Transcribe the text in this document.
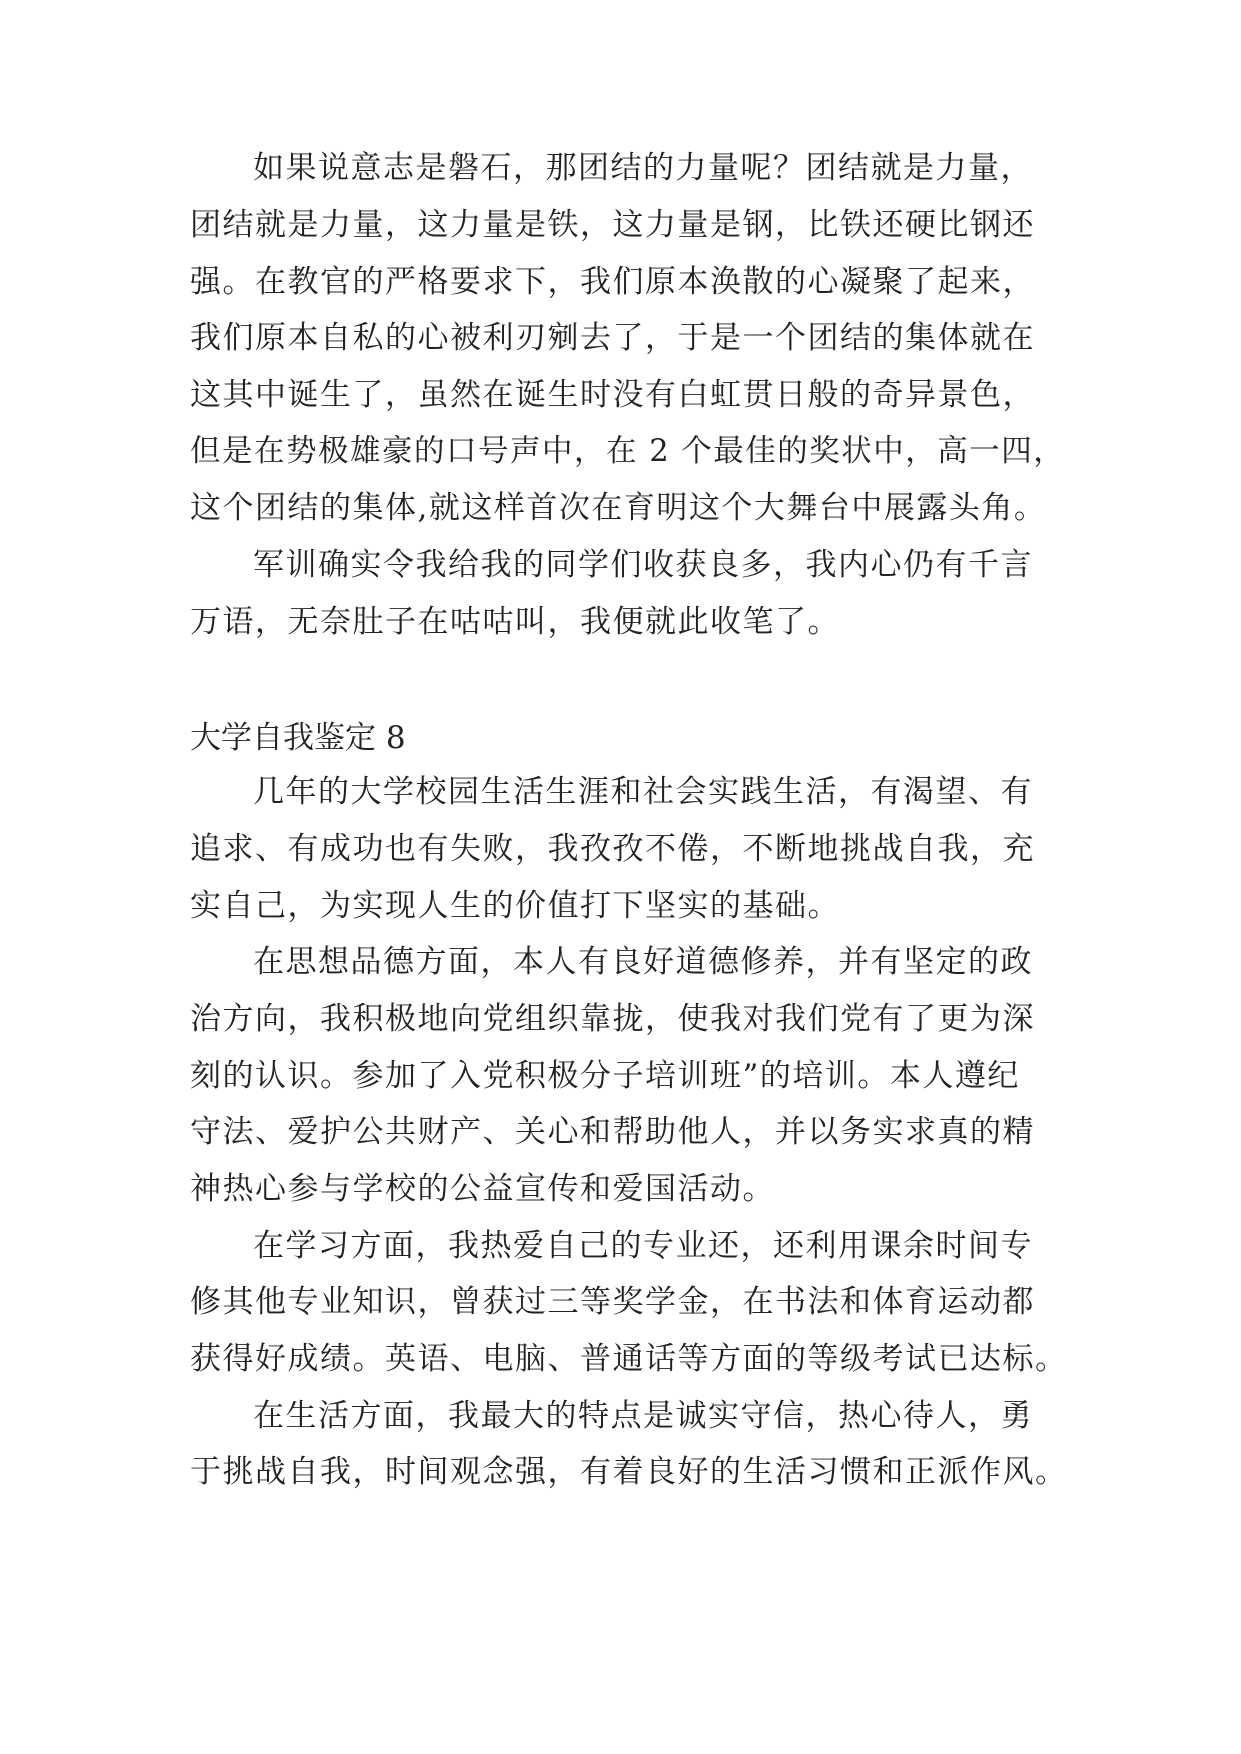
如果说意志是磐石，那团结的力量呢？团结就是力量，
团结就是力量，这力量是铁，这力量是钢，比铁还硬比钢还
强。在教官的严格要求下，我们原本涣散的心凝聚了起来，
我们原本自私的心被利刃剜去了，于是一个团结的集体就在
这其中诞生了，虽然在诞生时没有白虹贯日般的奇异景色，
但是在势极雄豪的口号声中，在 2 个最佳的奖状中，高一四，
这个团结的集体,就这样首次在育明这个大舞台中展露头角。
军训确实令我给我的同学们收获良多，我内心仍有千言
万语，无奈肚子在咕咕叫，我便就此收笔了。
大学自我鉴定 8
几年的大学校园生活生涯和社会实践生活，有渴望、有
追求、有成功也有失败，我孜孜不倦，不断地挑战自我，充
实自己，为实现人生的价值打下坚实的基础。
在思想品德方面，本人有良好道德修养，并有坚定的政
治方向，我积极地向党组织靠拢，使我对我们党有了更为深
刻的认识。参加了入党积极分子培训班”的培训。本人遵纪
守法、爱护公共财产、关心和帮助他人，并以务实求真的精
神热心参与学校的公益宣传和爱国活动。
在学习方面，我热爱自己的专业还，还利用课余时间专
修其他专业知识，曾获过三等奖学金，在书法和体育运动都
获得好成绩。英语、电脑、普通话等方面的等级考试已达标。
在生活方面，我最大的特点是诚实守信，热心待人，勇
于挑战自我，时间观念强，有着良好的生活习惯和正派作风。
